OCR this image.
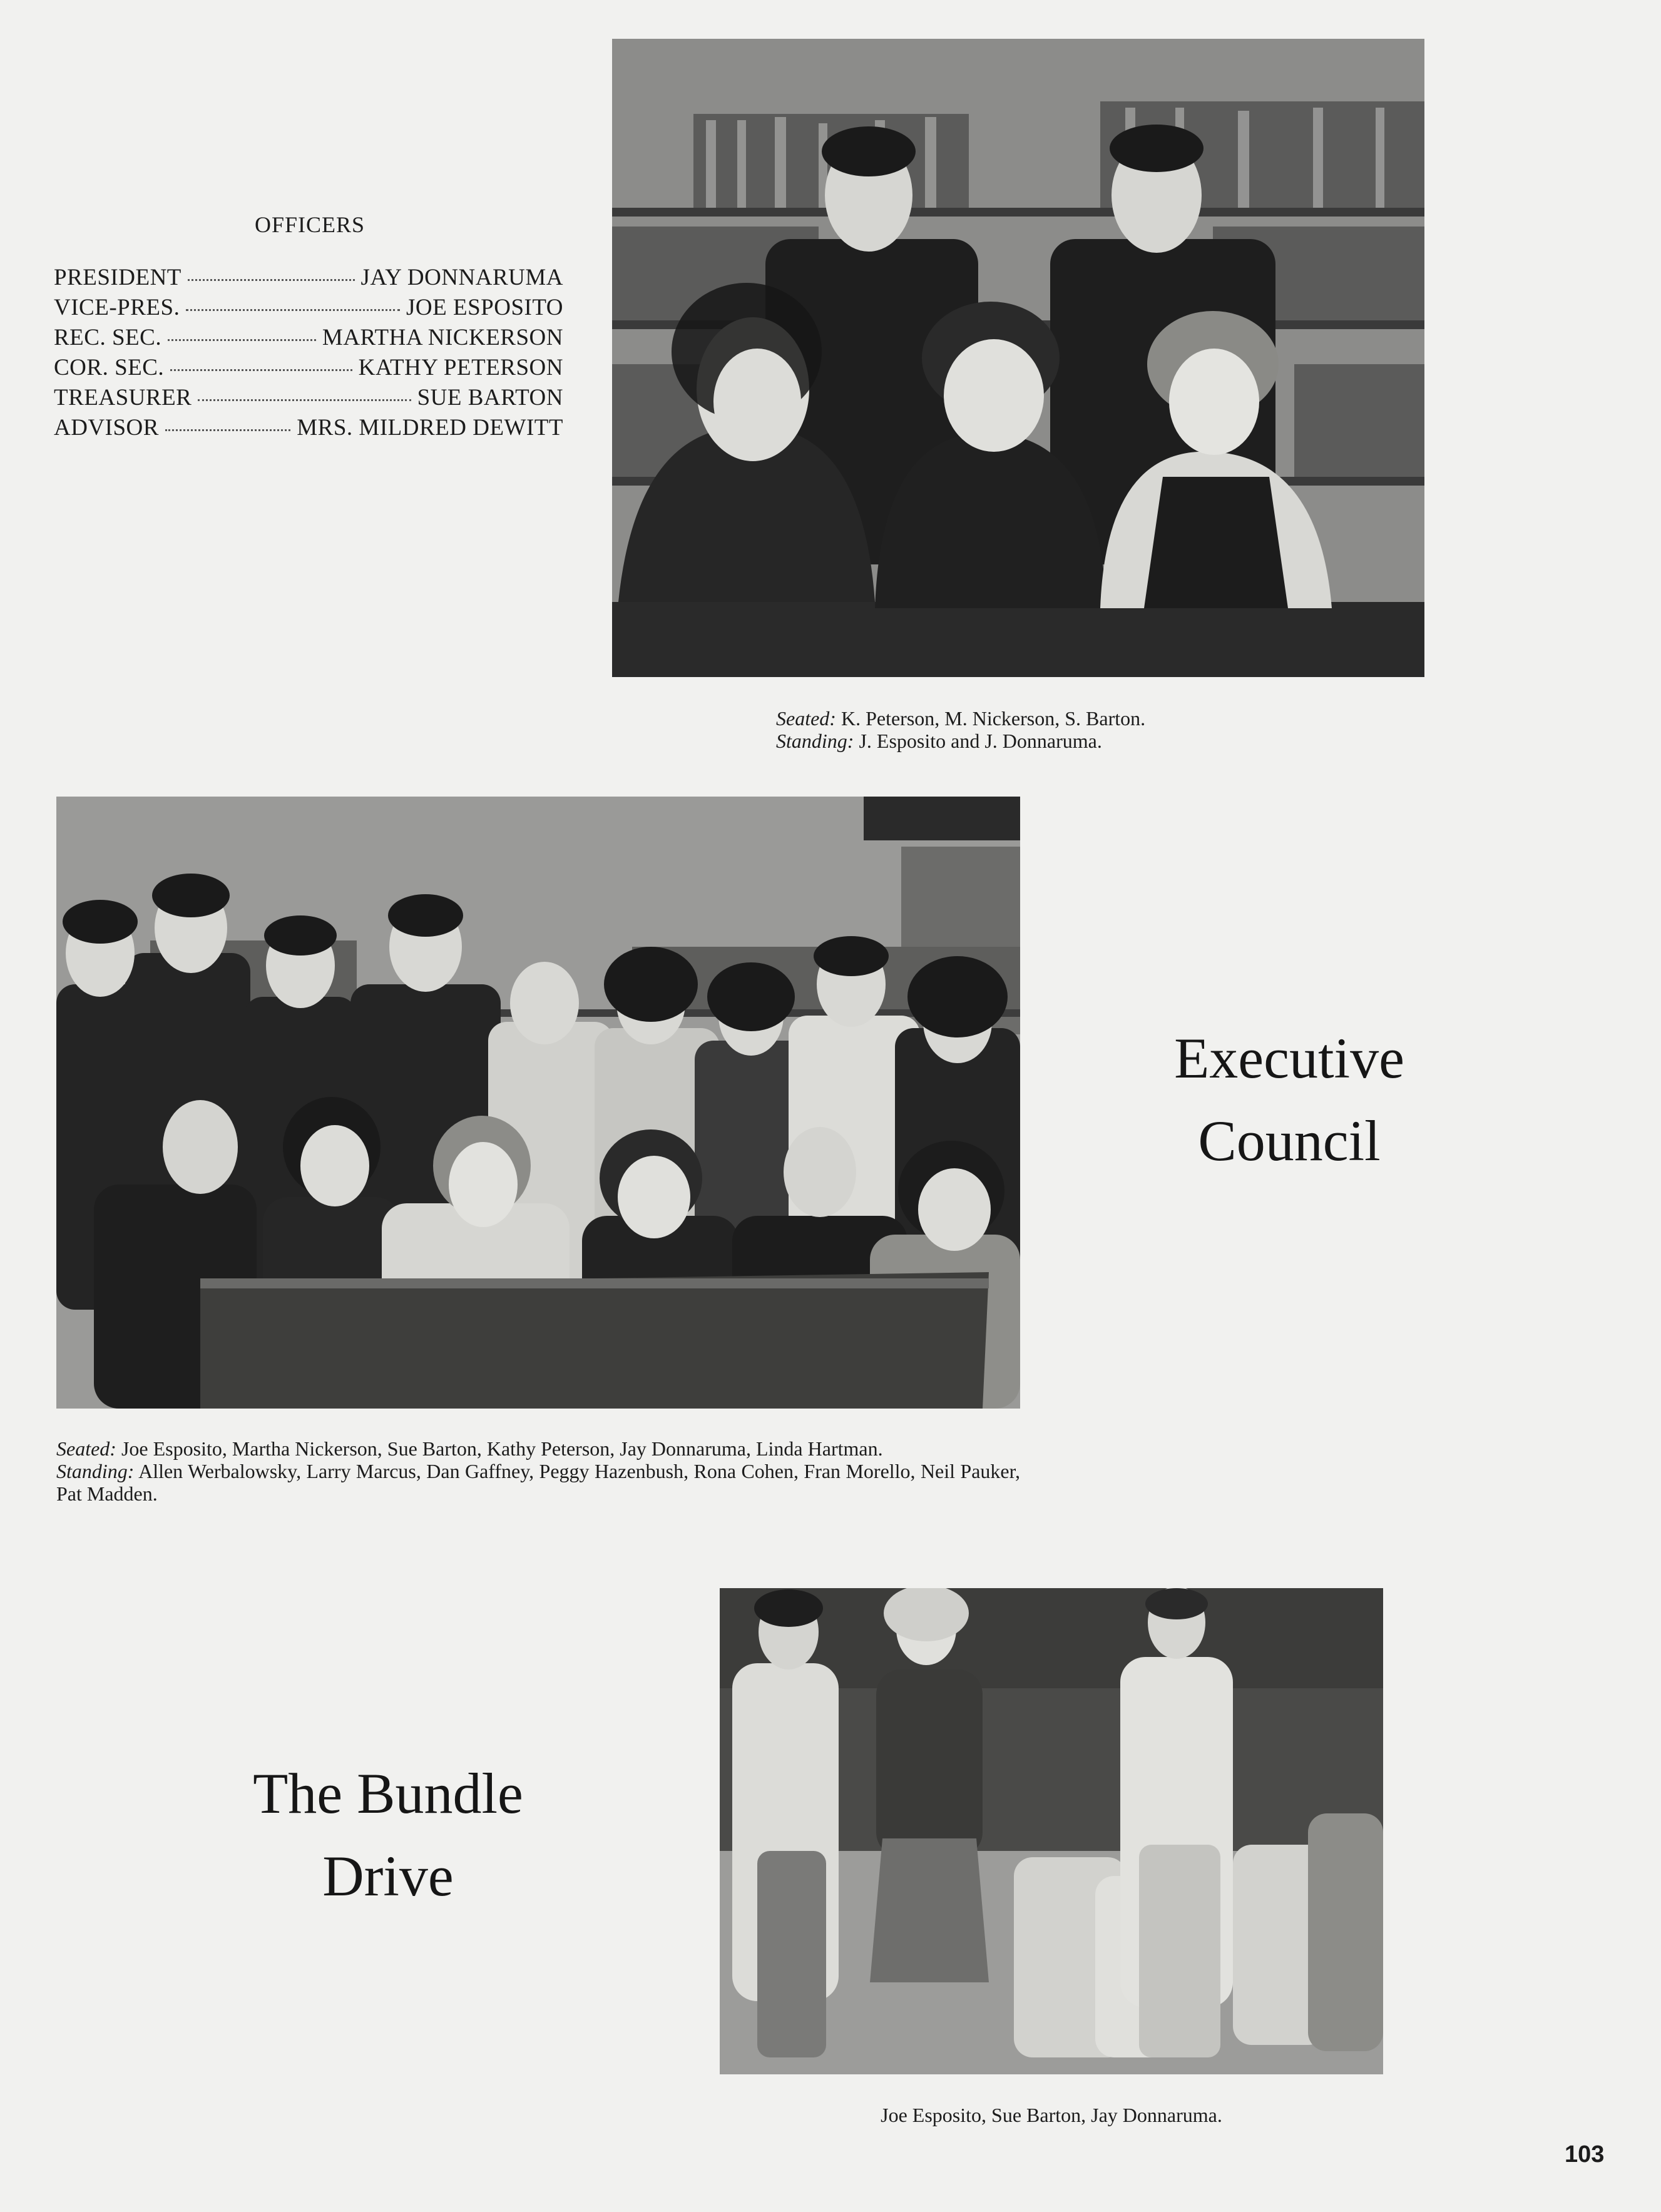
OFFICERS
PRESIDENT	JAY DONNARUMA
VICE-PRES.	JOE ESPOSITO
REC. SEC.	MARTHA NICKERSON
COR. SEC.	KATHY PETERSON
TREASURER	SUE BARTON
ADVISOR	MRS. MILDRED DEWITT
Seated: K. Peterson, M. Nickerson, S. Barton.
Standing: J. Esposito and J. Donnaruma.
Seated: Joe Esposito, Martha Nickerson, Sue Barton, Kathy Peterson, Jay Donnaruma, Linda Hartman.
Standing: Allen Werbalowsky, Larry Marcus, Dan Gaffney, Peggy Hazenbush, Rona Cohen, Fran Morello, Neil Pauker, Pat Madden.
Executive
Council
The Bundle
Drive
Joe Esposito, Sue Barton, Jay Donnaruma.
103
